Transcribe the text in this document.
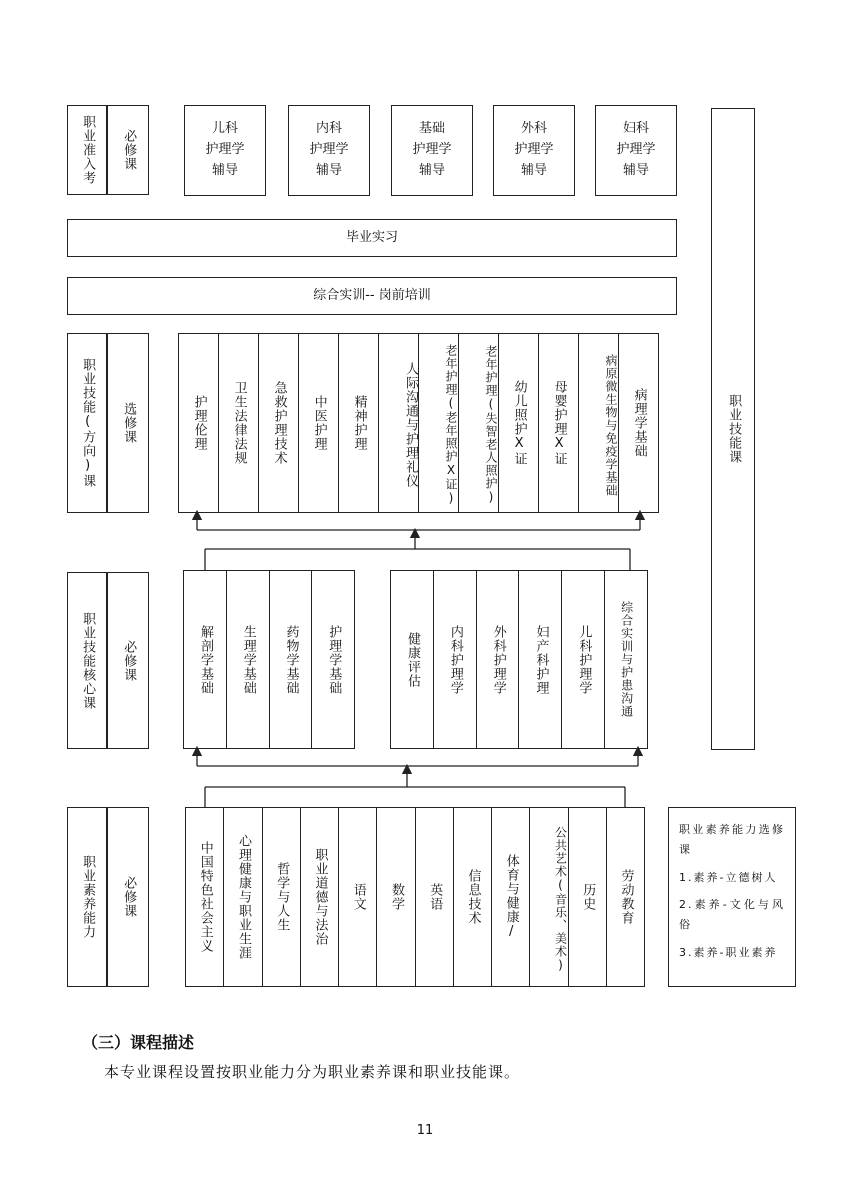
职业准入考 必修课
儿科
护理学
辅导
内科
护理学
辅导
基础
护理学
辅导
外科
护理学
辅导
妇科
护理学
辅导
毕业实习
综合实训-- 岗前培训
职业技能课
职业技能(方向)课 选修课	护理伦理	卫生法律法规	急救护理技术	中医护理	精神护理	人际沟通与护理礼仪	老年护理(老年照护X证)	老年护理(失智老人照护)	幼儿照护X证	母婴护理X证	病原微生物与免疫学基础	病理学基础
职业技能核心课 必修课	解剖学基础	生理学基础	药物学基础	护理学基础	健康评估	内科护理学	外科护理学	妇产科护理	儿科护理学	综合实训与护患沟通
职业素养能力 必修课	中国特色社会主义	心理健康与职业生涯	哲学与人生	职业道德与法治	语文	数学	英语	信息技术	体育与健康/	公共艺术(音乐、美术) 历史	劳动教育

职业素养能力选修课

1.素养-立德树人

2.素养-文化与风俗

3.素养-职业素养

（三）课程描述
本专业课程设置按职业能力分为职业素养课和职业技能课。
11
